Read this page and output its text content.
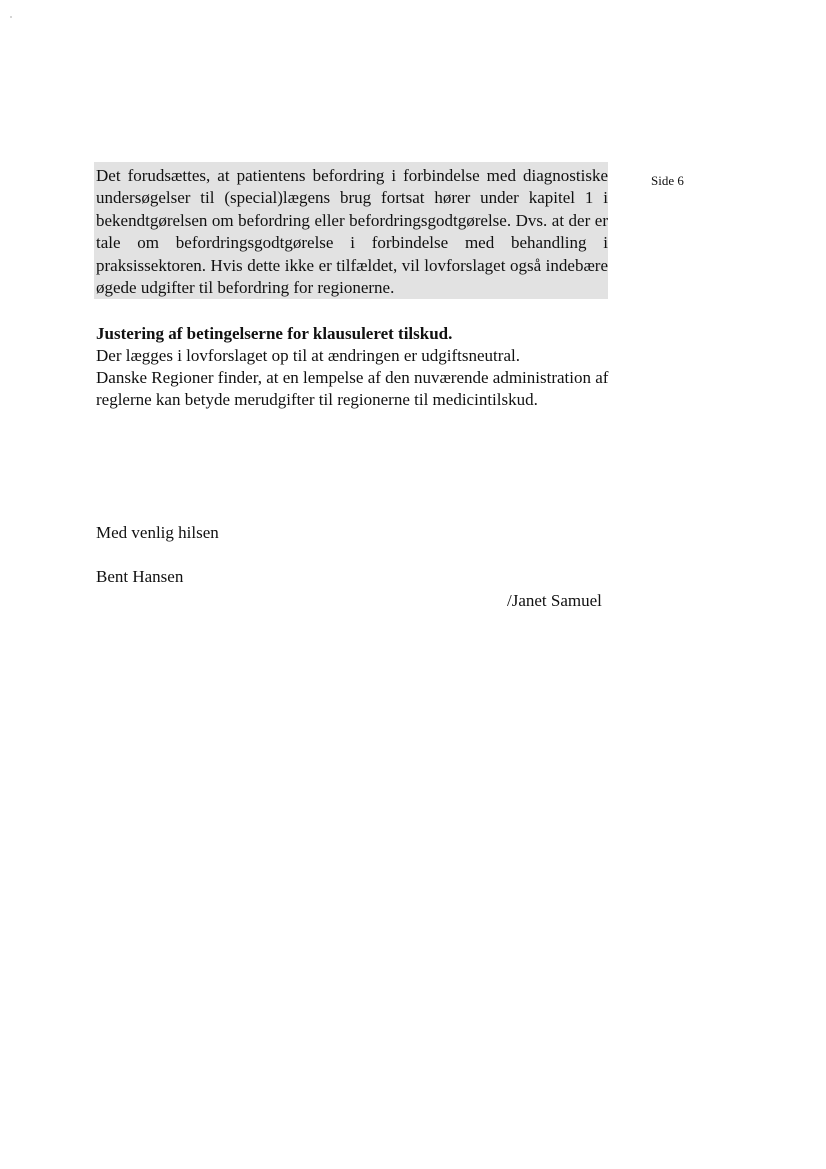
Side 6

Det forudsættes, at patientens befordring i forbindelse med diagnostiske undersøgelser til (special)lægens brug fortsat hører under kapitel 1 i bekendtgørelsen om befordring eller befordringsgodtgørelse. Dvs. at der er tale om befordringsgodtgørelse i forbindelse med behandling i praksissektoren. Hvis dette ikke er tilfældet, vil lovforslaget også indebære øgede udgifter til befordring for regionerne.

Justering af betingelserne for klausuleret tilskud.

Der lægges i lovforslaget op til at ændringen er udgiftsneutral.

Danske Regioner finder, at en lempelse af den nuværende administration af

reglerne kan betyde merudgifter til regionerne til medicintilskud.

Med venlig hilsen

Bent Hansen

/Janet Samuel
